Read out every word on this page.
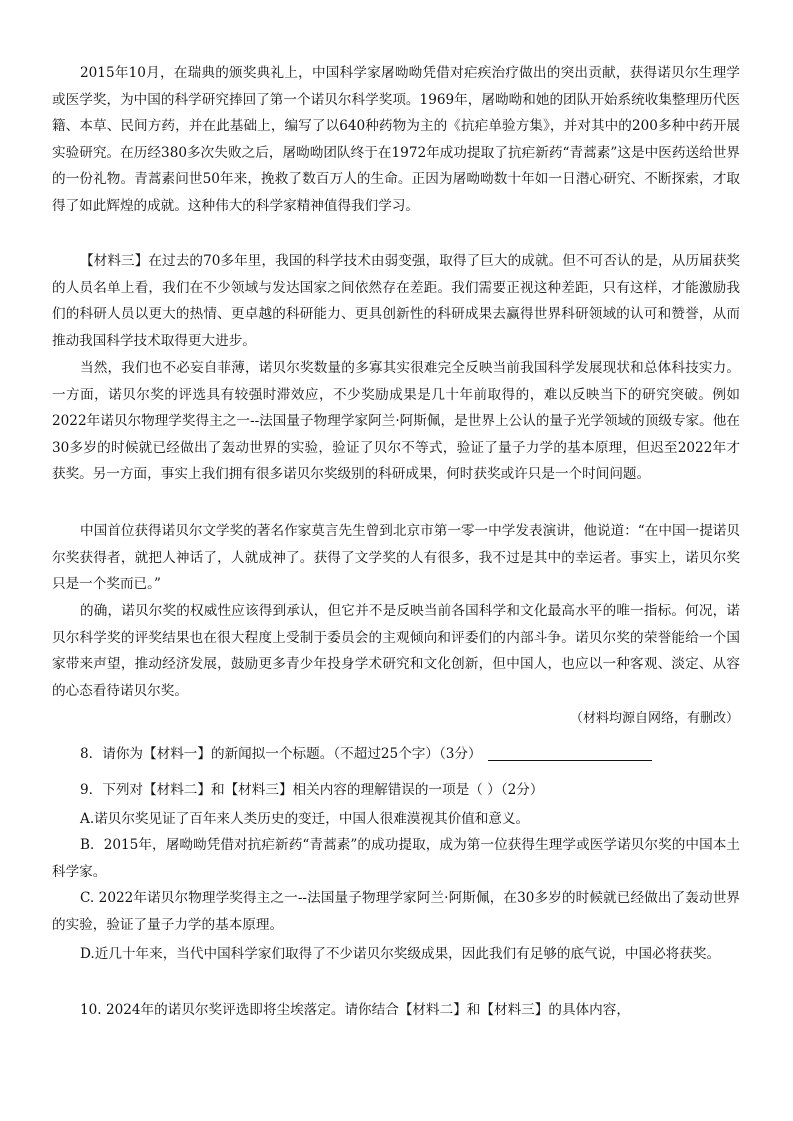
2015年10月，在瑞典的颁奖典礼上，中国科学家屠呦呦凭借对疟疾治疗做出的突出贡献，获得诺贝尔生理学或医学奖，为中国的科学研究捧回了第一个诺贝尔科学奖项。1969年，屠呦呦和她的团队开始系统收集整理历代医籍、本草、民间方药，并在此基础上，编写了以640种药物为主的《抗疟单验方集》，并对其中的200多种中药开展实验研究。在历经380多次失败之后，屠呦呦团队终于在1972年成功提取了抗疟新药“青蒿素”这是中医药送给世界的一份礼物。青蒿素问世50年来，挽救了数百万人的生命。正因为屠呦呦数十年如一日潜心研究、不断探索，才取得了如此辉煌的成就。这种伟大的科学家精神值得我们学习。

【材料三】在过去的70多年里，我国的科学技术由弱变强，取得了巨大的成就。但不可否认的是，从历届获奖的人员名单上看，我们在不少领域与发达国家之间依然存在差距。我们需要正视这种差距，只有这样，才能激励我们的科研人员以更大的热情、更卓越的科研能力、更具创新性的科研成果去赢得世界科研领域的认可和赞誉，从而推动我国科学技术取得更大进步。

当然，我们也不必妄自菲薄，诺贝尔奖数量的多寡其实很难完全反映当前我国科学发展现状和总体科技实力。一方面，诺贝尔奖的评选具有较强时滞效应，不少奖励成果是几十年前取得的，难以反映当下的研究突破。例如2022年诺贝尔物理学奖得主之一--法国量子物理学家阿兰·阿斯佩，是世界上公认的量子光学领域的顶级专家。他在30多岁的时候就已经做出了轰动世界的实验，验证了贝尔不等式，验证了量子力学的基本原理，但迟至2022年才获奖。另一方面，事实上我们拥有很多诺贝尔奖级别的科研成果，何时获奖或许只是一个时间问题。

中国首位获得诺贝尔文学奖的著名作家莫言先生曾到北京市第一零一中学发表演讲，他说道：“在中国一提诺贝尔奖获得者，就把人神话了，人就成神了。获得了文学奖的人有很多，我不过是其中的幸运者。事实上，诺贝尔奖只是一个奖而已。”

的确，诺贝尔奖的权威性应该得到承认，但它并不是反映当前各国科学和文化最高水平的唯一指标。何况，诺贝尔科学奖的评奖结果也在很大程度上受制于委员会的主观倾向和评委们的内部斗争。诺贝尔奖的荣誉能给一个国家带来声望，推动经济发展，鼓励更多青少年投身学术研究和文化创新，但中国人，也应以一种客观、淡定、从容的心态看待诺贝尔奖。

（材料均源自网络，有删改）

8．请你为【材料一】的新闻拟一个标题。（不超过25个字）（3分）

9．下列对【材料二】和【材料三】相关内容的理解错误的一项是（ ）（2分）

A.诺贝尔奖见证了百年来人类历史的变迁，中国人很难漠视其价值和意义。

B．2015年，屠呦呦凭借对抗疟新药“青蒿素”的成功提取，成为第一位获得生理学或医学诺贝尔奖的中国本土科学家。

C. 2022年诺贝尔物理学奖得主之一--法国量子物理学家阿兰·阿斯佩，在30多岁的时候就已经做出了轰动世界的实验，验证了量子力学的基本原理。

D.近几十年来，当代中国科学家们取得了不少诺贝尔奖级成果，因此我们有足够的底气说，中国必将获奖。

10. 2024年的诺贝尔奖评选即将尘埃落定。请你结合【材料二】和【材料三】的具体内容，
